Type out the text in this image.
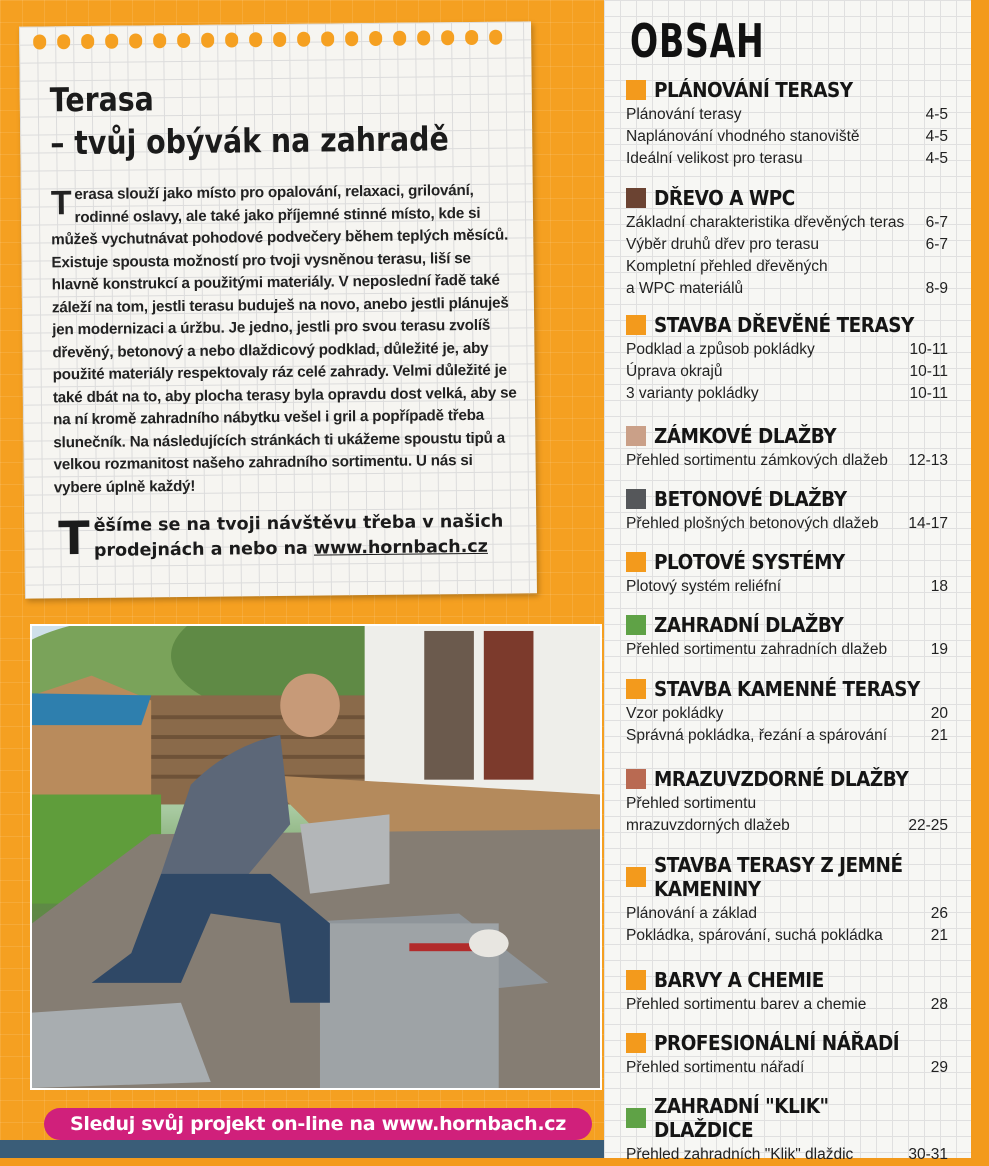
Terasa
– tvůj obývák na zahradě
Terasa slouží jako místo pro opalování, relaxaci, grilování, rodinné oslavy, ale také jako příjemné stinné místo, kde si můžeš vychutnávat pohodové podvečery během teplých měsíců. Existuje spousta možností pro tvoji vysněnou terasu, liší se hlavně konstrukcí a použitými materiály. V neposlední řadě také záleží na tom, jestli terasu buduješ na novo, anebo jestli plánuješ jen modernizaci a úržbu. Je jedno, jestli pro svou terasu zvolíš dřevěný, betonový a nebo dlaždicový podklad, důležité je, aby použité materiály respektovaly ráz celé zahrady. Velmi důležité je také dbát na to, aby plocha terasy byla opravdu dost velká, aby se na ní kromě zahradního nábytku vešel i gril a popřípadě třeba slunečník. Na následujících stránkách ti ukážeme spoustu tipů a velkou rozmanitost našeho zahradního sortimentu. U nás si vybere úplně každý!
Těšíme se na tvoji návštěvu třeba v našich prodejnách a nebo na www.hornbach.cz
Sleduj svůj projekt on-line na www.hornbach.cz
OBSAH
PLÁNOVÁNÍ TERASY
Plánování terasy	4-5
Naplánování vhodného stanoviště	4-5
Ideální velikost pro terasu	4-5
DŘEVO A WPC
Základní charakteristika dřevěných teras	6-7
Výběr druhů dřev pro terasu	6-7
Kompletní přehled dřevěných
a WPC materiálů	8-9
STAVBA DŘEVĚNÉ TERASY
Podklad a způsob pokládky	10-11
Úprava okrajů	10-11
3 varianty pokládky	10-11
ZÁMKOVÉ DLAŽBY
Přehled sortimentu zámkových dlažeb	12-13
BETONOVÉ DLAŽBY
Přehled plošných betonových dlažeb	14-17
PLOTOVÉ SYSTÉMY
Plotový systém reliéfní	18
ZAHRADNÍ DLAŽBY
Přehled sortimentu zahradních dlažeb	19
STAVBA KAMENNÉ TERASY
Vzor pokládky	20
Správná pokládka, řezání a spárování	21
MRAZUVZDORNÉ DLAŽBY
Přehled sortimentu
mrazuvzdorných dlažeb	22-25
STAVBA TERASY Z JEMNÉ
KAMENINY
Plánování a základ	26
Pokládka, spárování, suchá pokládka	21
BARVY A CHEMIE
Přehled sortimentu barev a chemie	28
PROFESIONÁLNÍ NÁŘADÍ
Přehled sortimentu nářadí	29
ZAHRADNÍ "KLIK" DLAŽDICE
Přehled zahradních "Klik" dlaždic	30-31
